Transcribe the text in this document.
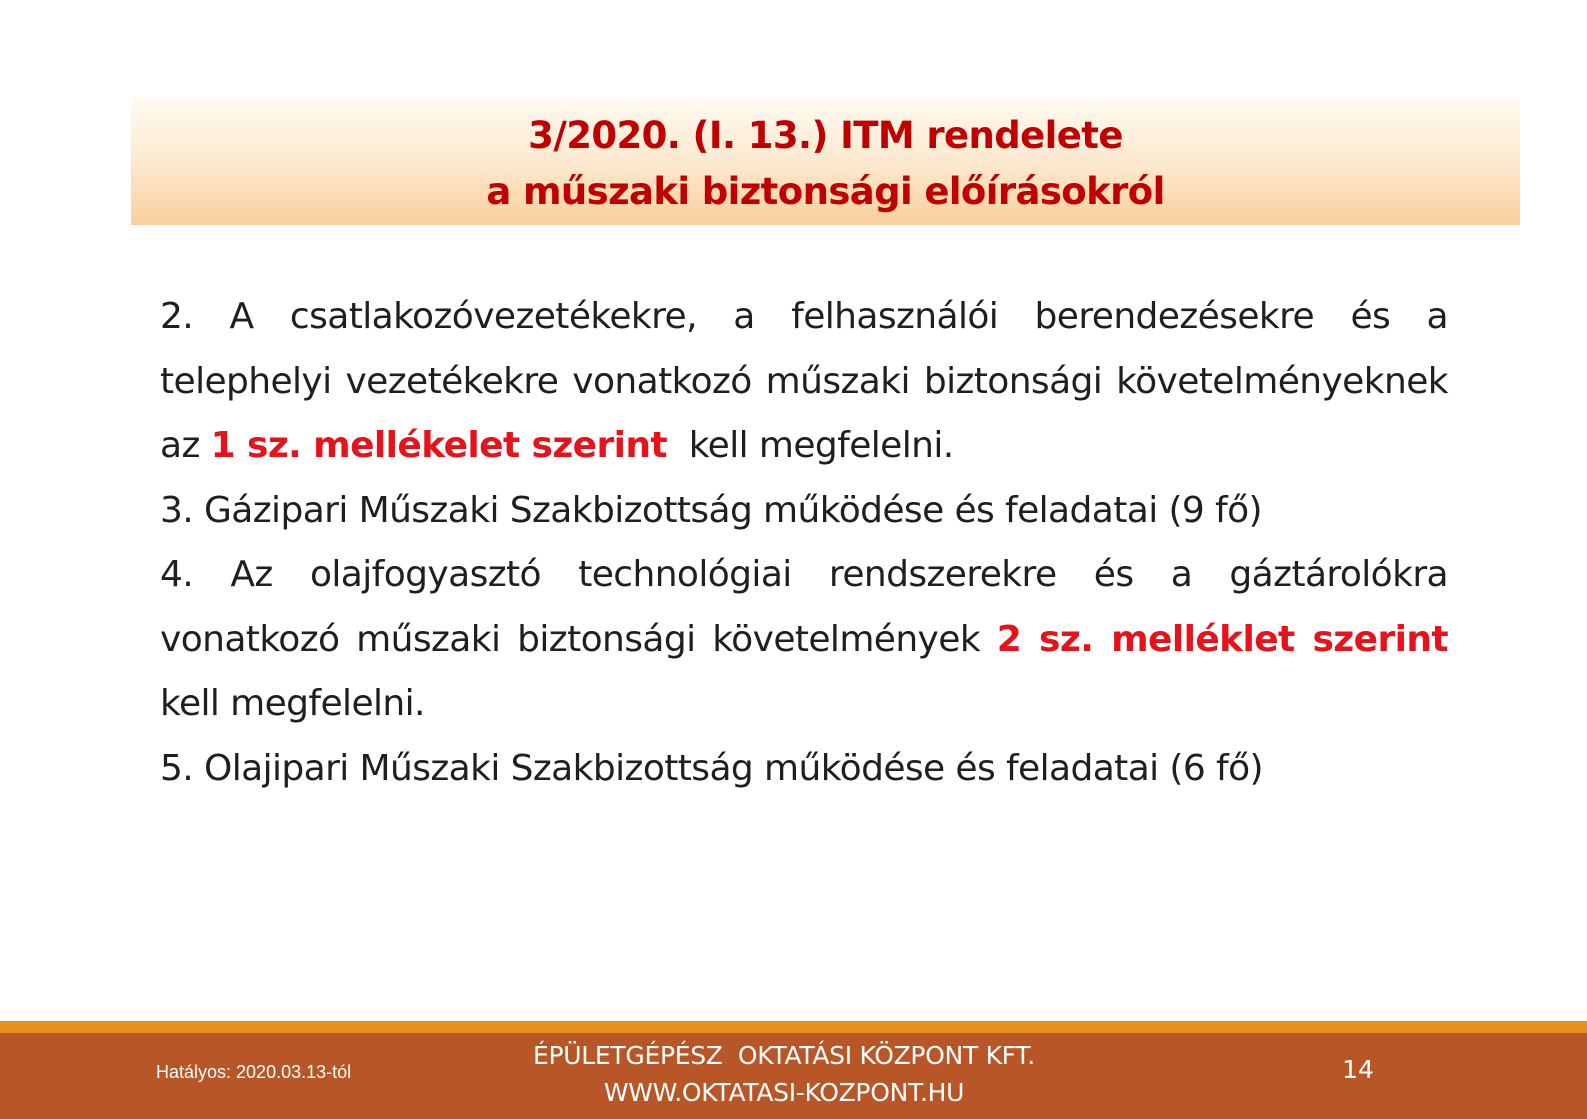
3/2020. (I. 13.) ITM rendelete
a műszaki biztonsági előírásokról

2. A csatlakozóvezetékekre, a felhasználói berendezésekre és a telephelyi vezetékekre vonatkozó műszaki biztonsági követelményeknek az 1 sz. mellékelet szerint  kell megfelelni.

3. Gázipari Műszaki Szakbizottság működése és feladatai (9 fő)

4. Az olajfogyasztó technológiai rendszerekre és a gáztárolókra vonatkozó műszaki biztonsági követelmények 2 sz. melléklet szerint kell megfelelni.

5. Olajipari Műszaki Szakbizottság működése és feladatai (6 fő)

Hatályos: 2020.03.13-tól
ÉPÜLETGÉPÉSZ  OKTATÁSI KÖZPONT KFT.
WWW.OKTATASI-KOZPONT.HU
14
